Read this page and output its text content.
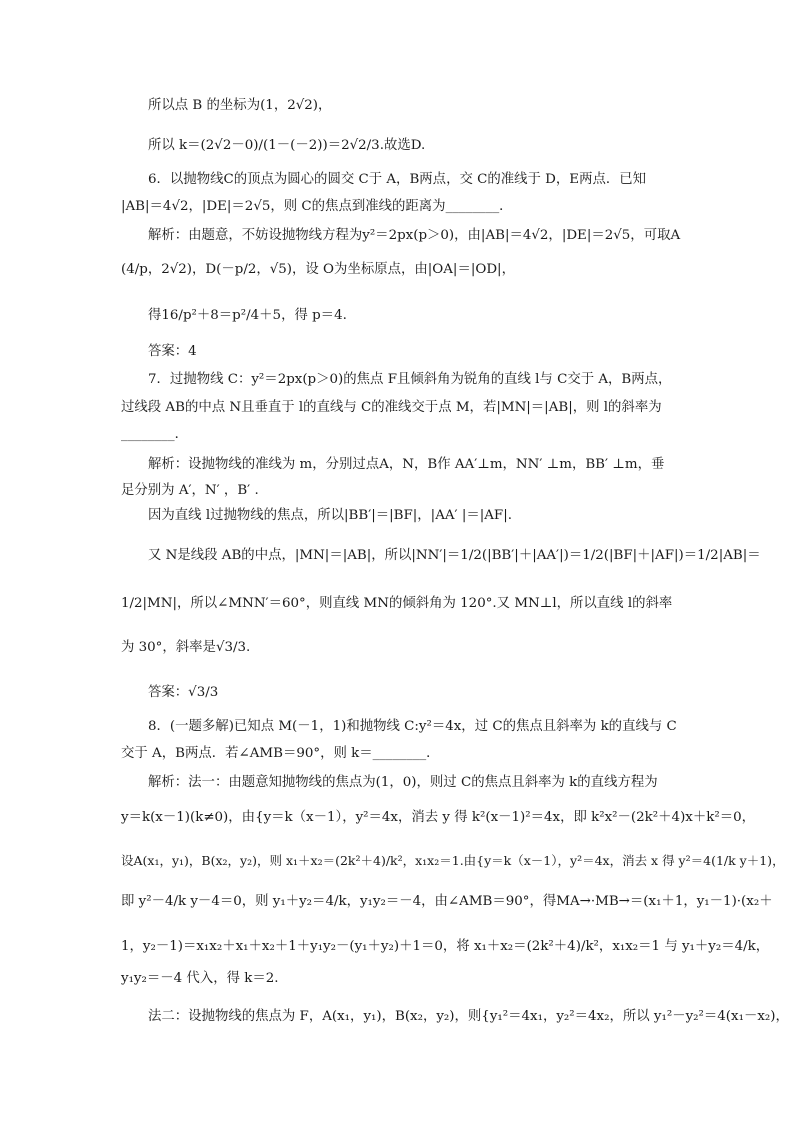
所以点 B 的坐标为(1，2√2)，
所以 k＝(2√2－0)/(1－(－2))＝2√2/3.故选D.
6．以抛物线C的顶点为圆心的圆交 C于 A，B两点，交 C的准线于 D，E两点．已知
|AB|＝4√2，|DE|＝2√5，则 C的焦点到准线的距离为________．
解析：由题意，不妨设抛物线方程为y²＝2px(p＞0)，由|AB|＝4√2，|DE|＝2√5，可取A
(4/p，2√2)，D(－p/2，√5)，设 O为坐标原点，由|OA|＝|OD|，
得16/p²＋8＝p²/4＋5，得 p＝4.
答案：4
7．过抛物线 C：y²＝2px(p＞0)的焦点 F且倾斜角为锐角的直线 l与 C交于 A，B两点，
过线段 AB的中点 N且垂直于 l的直线与 C的准线交于点 M，若|MN|＝|AB|，则 l的斜率为
________．
解析：设抛物线的准线为 m，分别过点A，N，B作 AA′⊥m，NN′ ⊥m，BB′ ⊥m，垂
足分别为 A′，N′ ，B′ .
因为直线 l过抛物线的焦点，所以|BB′|＝|BF|，|AA′ |＝|AF|.
又 N是线段 AB的中点，|MN|＝|AB|，所以|NN′|＝1/2(|BB′|＋|AA′|)＝1/2(|BF|＋|AF|)＝1/2|AB|＝
1/2|MN|，所以∠MNN′＝60°，则直线 MN的倾斜角为 120°.又 MN⊥l，所以直线 l的斜率
为 30°，斜率是√3/3.
答案：√3/3
8．(一题多解)已知点 M(－1，1)和抛物线 C:y²＝4x，过 C的焦点且斜率为 k的直线与 C
交于 A，B两点．若∠AMB＝90°，则 k＝________．
解析：法一：由题意知抛物线的焦点为(1，0)，则过 C的焦点且斜率为 k的直线方程为
y＝k(x－1)(k≠0)，由{y＝k（x－1），y²＝4x，消去 y 得 k²(x－1)²＝4x，即 k²x²－(2k²＋4)x＋k²＝0，
设A(x₁，y₁)，B(x₂，y₂)，则 x₁＋x₂＝(2k²＋4)/k²，x₁x₂＝1.由{y＝k（x－1），y²＝4x，消去 x 得 y²＝4(1/k y＋1)，
即 y²－4/k y－4＝0，则 y₁＋y₂＝4/k，y₁y₂＝－4，由∠AMB＝90°，得MA→·MB→＝(x₁＋1，y₁－1)·(x₂＋
1，y₂－1)＝x₁x₂＋x₁＋x₂＋1＋y₁y₂－(y₁＋y₂)＋1＝0，将 x₁＋x₂＝(2k²＋4)/k²，x₁x₂＝1 与 y₁＋y₂＝4/k，
y₁y₂＝－4 代入，得 k＝2.
法二：设抛物线的焦点为 F，A(x₁，y₁)，B(x₂，y₂)，则{y₁²＝4x₁，y₂²＝4x₂，所以 y₁²－y₂²＝4(x₁－x₂)，
